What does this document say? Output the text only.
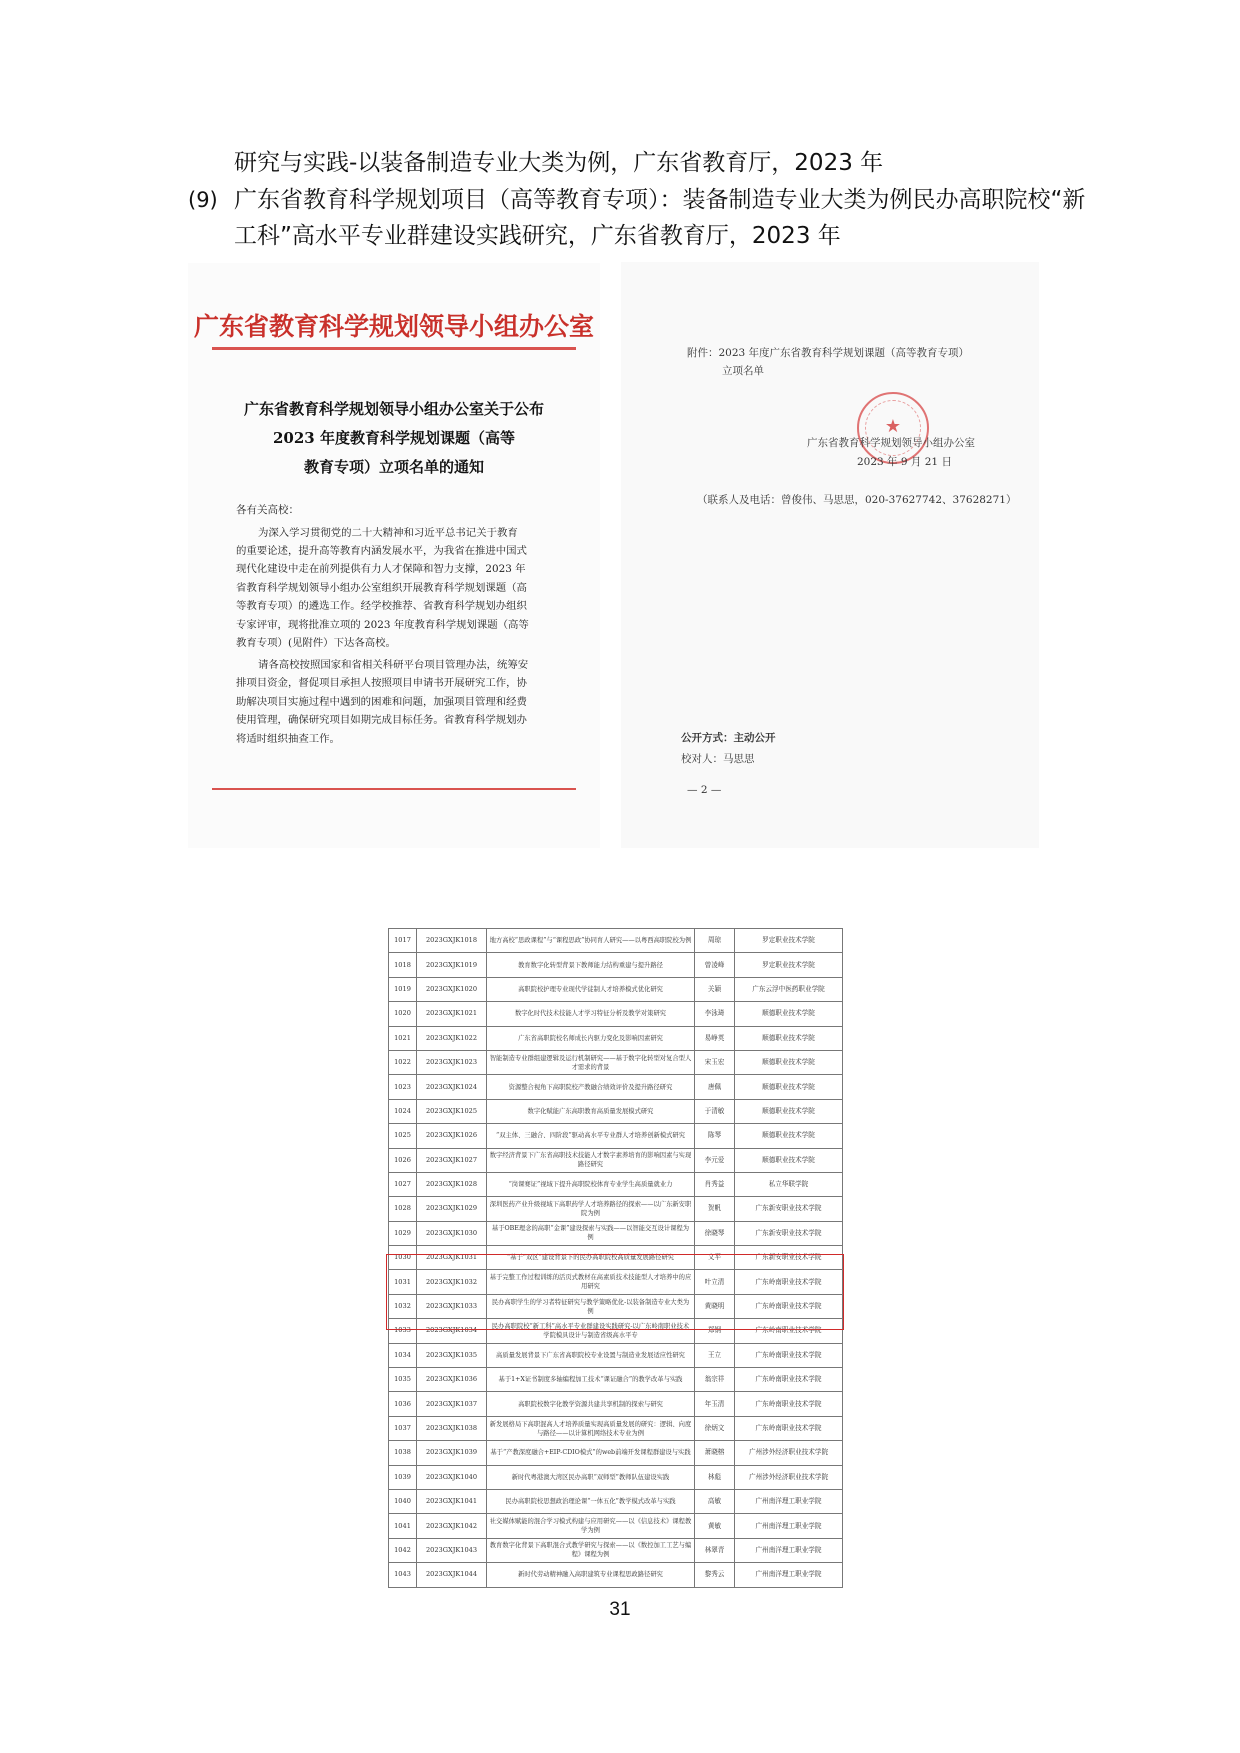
研究与实践-以装备制造专业大类为例，广东省教育厅，2023 年
(9) 广东省教育科学规划项目（高等教育专项）：装备制造专业大类为例民办高职院校“新
工科”高水平专业群建设实践研究，广东省教育厅，2023 年
广东省教育科学规划领导小组办公室
广东省教育科学规划领导小组办公室关于公布
2023 年度教育科学规划课题（高等
教育专项）立项名单的通知
各有关高校：
为深入学习贯彻党的二十大精神和习近平总书记关于教育
的重要论述，提升高等教育内涵发展水平，为我省在推进中国式
现代化建设中走在前列提供有力人才保障和智力支撑，2023 年
省教育科学规划领导小组办公室组织开展教育科学规划课题（高
等教育专项）的遴选工作。经学校推荐、省教育科学规划办组织
专家评审，现将批准立项的 2023 年度教育科学规划课题（高等
教育专项）(见附件）下达各高校。
请各高校按照国家和省相关科研平台项目管理办法，统筹安
排项目资金，督促项目承担人按照项目申请书开展研究工作，协
助解决项目实施过程中遇到的困难和问题，加强项目管理和经费
使用管理，确保研究项目如期完成目标任务。省教育科学规划办
将适时组织抽查工作。
附件：2023 年度广东省教育科学规划课题（高等教育专项）
立项名单
★
广东省教育科学规划领导小组办公室
2023 年 9 月 21 日
（联系人及电话：曾俊伟、马思思，020-37627742、37628271）
公开方式：主动公开
校对人：马思思
— 2 —
1017	2023GXJK1018	地方高校“思政课程”与“课程思政”协同育人研究——以粤西高职院校为例	周琼	罗定职业技术学院
1018	2023GXJK1019	教育数字化转型背景下教师能力结构重建与提升路径	曾凌峰	罗定职业技术学院
1019	2023GXJK1020	高职院校护理专业现代学徒制人才培养模式优化研究	关颖	广东云浮中医药职业学院
1020	2023GXJK1021	数字化时代技术技能人才学习特征分析及教学对策研究	李泳琦	顺德职业技术学院
1021	2023GXJK1022	广东省高职院校名师成长内驱力变化及影响因素研究	易峥英	顺德职业技术学院
1022	2023GXJK1023	智能制造专业群组建逻辑及运行机制研究——基于数字化转型对复合型人才需求的背景	宋玉宏	顺德职业技术学院
1023	2023GXJK1024	资源整合视角下高职院校产教融合绩效评价及提升路径研究	唐佩	顺德职业技术学院
1024	2023GXJK1025	数字化赋能广东高职教育高质量发展模式研究	于清敏	顺德职业技术学院
1025	2023GXJK1026	“双主体、三融合、四阶段”驱动高水平专业群人才培养创新模式研究	陈琴	顺德职业技术学院
1026	2023GXJK1027	数字经济背景下广东省高职技术技能人才数字素养培育的影响因素与实现路径研究	李元爱	顺德职业技术学院
1027	2023GXJK1028	“岗课赛证”视域下提升高职院校体育专业学生高质量就业力	肖秀益	私立华联学院
1028	2023GXJK1029	深圳医药产业升级视域下高职药学人才培养路径的探索——以广东新安职院为例	贺帆	广东新安职业技术学院
1029	2023GXJK1030	基于OBE理念的高职“金课”建设探索与实践——以智能交互设计课程为例	徐晓琴	广东新安职业技术学院
1030	2023GXJK1031	“基于“双区”建设背景下的民办高职院校高质量发展路径研究	文平	广东新安职业技术学院
1031	2023GXJK1032	基于完整工作过程训练的活页式教材在高素质技术技能型人才培养中的应用研究	叶立清	广东岭南职业技术学院
1032	2023GXJK1033	民办高职学生的学习者特征研究与教学策略优化-以装备制造专业大类为例	黄晓明	广东岭南职业技术学院
1033	2023GXJK1034	民办高职院校“新工科”高水平专业群建设实践研究-以广东岭南职业技术学院模具设计与制造省级高水平专	郑钢	广东岭南职业技术学院
1034	2023GXJK1035	高质量发展背景下广东省高职院校专业设置与制造业发展适应性研究	王立	广东岭南职业技术学院
1035	2023GXJK1036	基于1+X证书制度多轴编程加工技术“课证融合”的教学改革与实践	翁宗祥	广东岭南职业技术学院
1036	2023GXJK1037	高职院校数字化教学资源共建共享机制的探索与研究	年玉清	广东岭南职业技术学院
1037	2023GXJK1038	新发展格局下高职混高人才培养质量实现高质量发展的研究：逻辑、向度与路径——以计算机网络技术专业为例	徐炳文	广东岭南职业技术学院
1038	2023GXJK1039	基于“产教深度融合+EIP-CDIO模式”的web前端开发课程群建设与实践	萧晓榕	广州涉外经济职业技术学院
1039	2023GXJK1040	新时代粤港澳大湾区民办高职“双师型”教师队伍建设实践	林彪	广州涉外经济职业技术学院
1040	2023GXJK1041	民办高职院校思想政治理论课“一体五化”教学模式改革与实践	高敏	广州南洋理工职业学院
1041	2023GXJK1042	社交媒体赋能的混合学习模式构建与应用研究——以《信息技术》课程教学为例	黄敏	广州南洋理工职业学院
1042	2023GXJK1043	教育数字化背景下高职混合式教学研究与探索——以《数控加工工艺与编程》课程为例	林翠青	广州南洋理工职业学院
1043	2023GXJK1044	新时代劳动精神融入高职建筑专业课程思政路径研究	黎秀云	广州南洋理工职业学院
31
